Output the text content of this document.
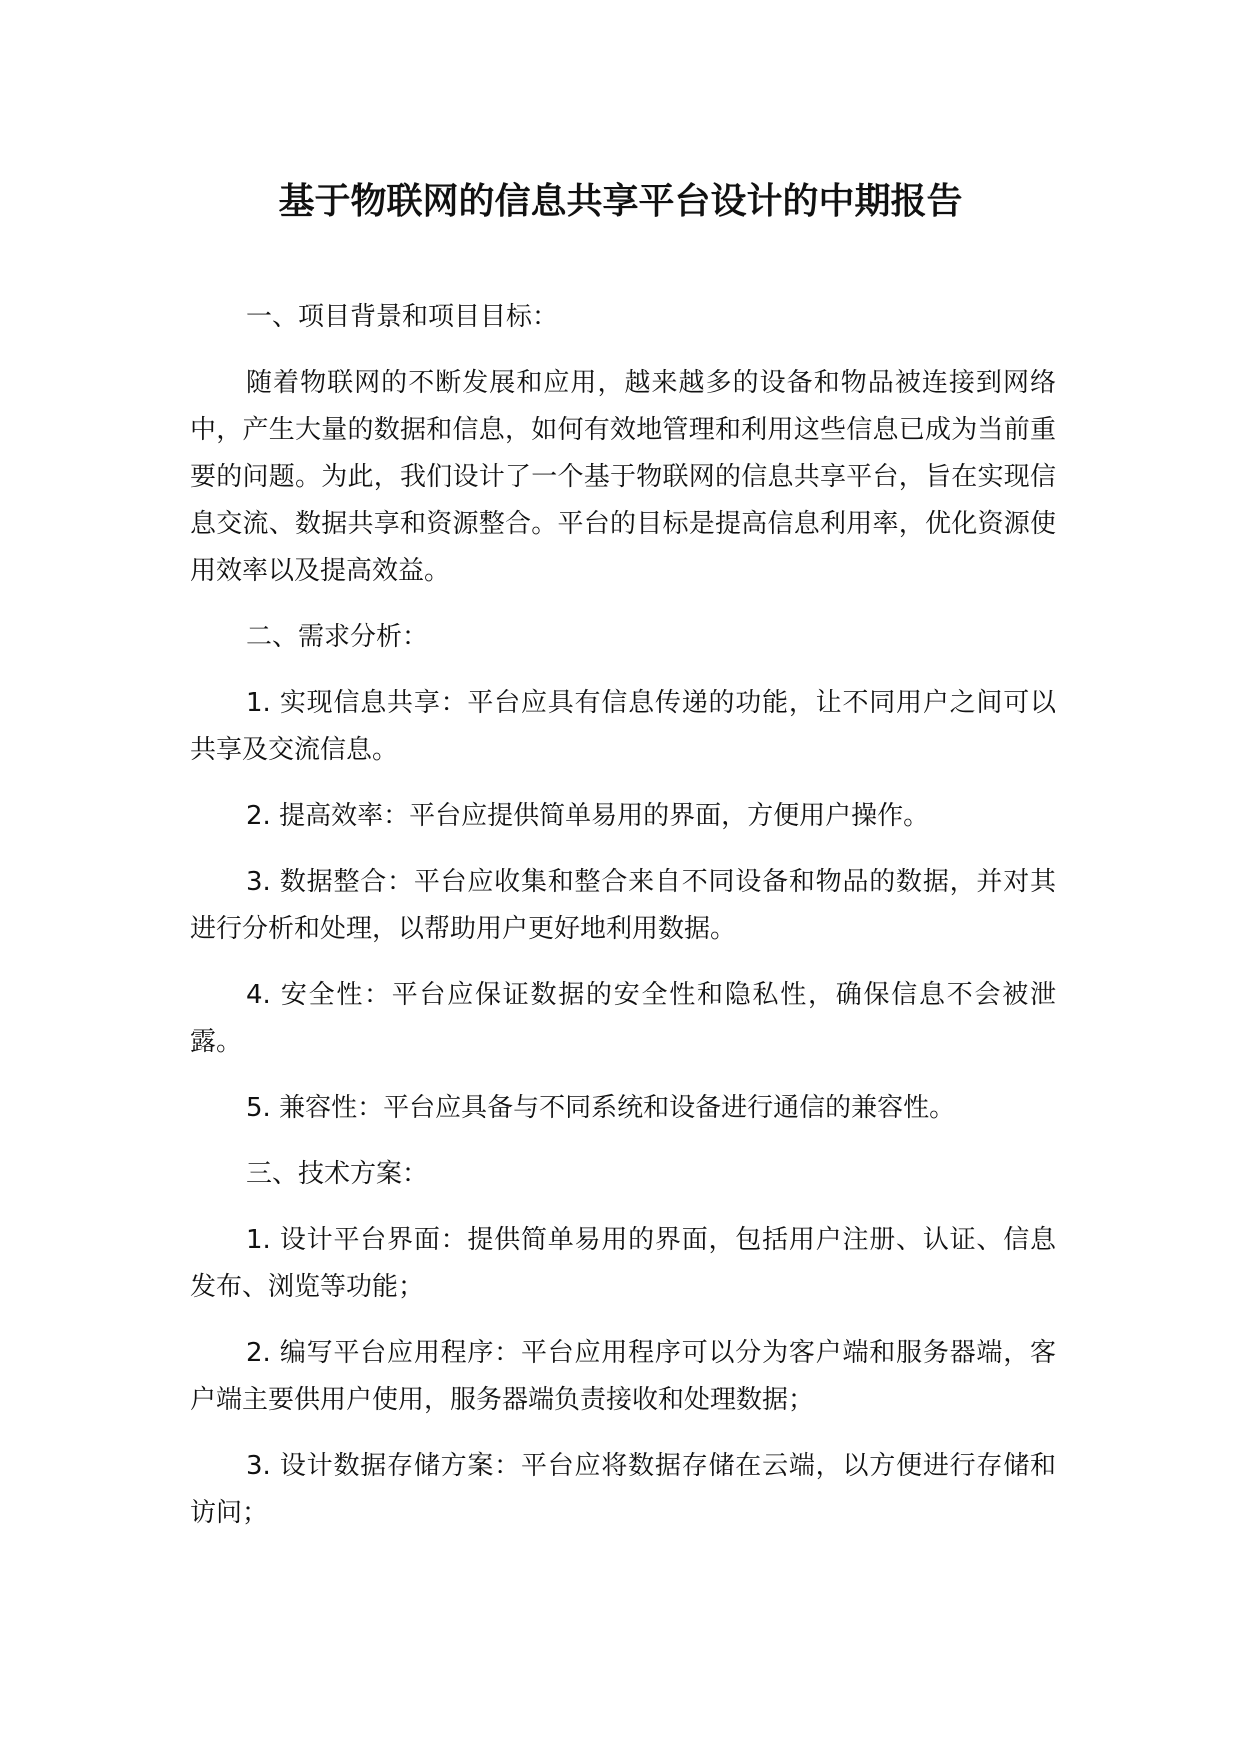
基于物联网的信息共享平台设计的中期报告
一、项目背景和项目目标：
随着物联网的不断发展和应用，越来越多的设备和物品被连接到网络中，产生大量的数据和信息，如何有效地管理和利用这些信息已成为当前重要的问题。为此，我们设计了一个基于物联网的信息共享平台，旨在实现信息交流、数据共享和资源整合。平台的目标是提高信息利用率，优化资源使用效率以及提高效益。
二、需求分析：
1. 实现信息共享：平台应具有信息传递的功能，让不同用户之间可以共享及交流信息。
2. 提高效率：平台应提供简单易用的界面，方便用户操作。
3. 数据整合：平台应收集和整合来自不同设备和物品的数据，并对其进行分析和处理，以帮助用户更好地利用数据。
4. 安全性：平台应保证数据的安全性和隐私性，确保信息不会被泄露。
5. 兼容性：平台应具备与不同系统和设备进行通信的兼容性。
三、技术方案：
1. 设计平台界面：提供简单易用的界面，包括用户注册、认证、信息发布、浏览等功能；
2. 编写平台应用程序：平台应用程序可以分为客户端和服务器端，客户端主要供用户使用，服务器端负责接收和处理数据；
3. 设计数据存储方案：平台应将数据存储在云端，以方便进行存储和访问；
